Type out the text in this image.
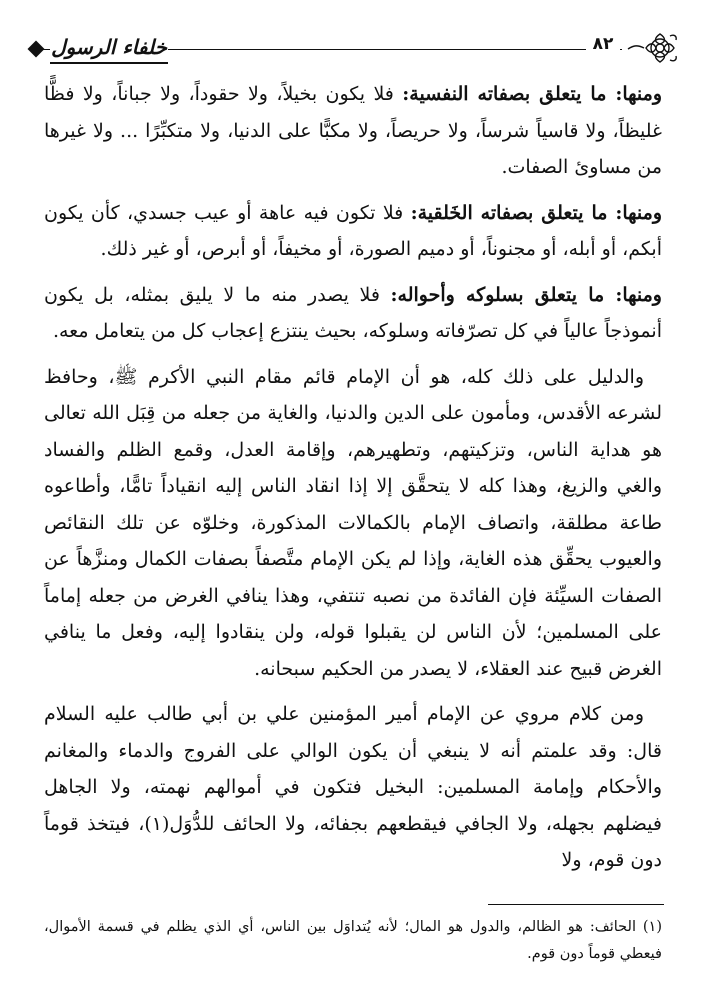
خلفاء الرسول	٨٢

ومنها: ما يتعلق بصفاته النفسية: فلا يكون بخيلاً، ولا حقوداً، ولا جباناً، ولا فظًّا غليظاً، ولا قاسياً شرساً، ولا حريصاً، ولا مكبًّا على الدنيا، ولا متكبِّرًا ... ولا غيرها من مساوئ الصفات.

ومنها: ما يتعلق بصفاته الخَلقية: فلا تكون فيه عاهة أو عيب جسدي، كأن يكون أبكم، أو أبله، أو مجنوناً، أو دميم الصورة، أو مخيفاً، أو أبرص، أو غير ذلك.

ومنها: ما يتعلق بسلوكه وأحواله: فلا يصدر منه ما لا يليق بمثله، بل يكون أنموذجاً عالياً في كل تصرّفاته وسلوكه، بحيث ينتزع إعجاب كل من يتعامل معه.

والدليل على ذلك كله، هو أن الإمام قائم مقام النبي الأكرم ﷺ، وحافظ لشرعه الأقدس، ومأمون على الدين والدنيا، والغاية من جعله من قِبَل الله تعالى هو هداية الناس، وتزكيتهم، وتطهيرهم، وإقامة العدل، وقمع الظلم والفساد والغي والزيغ، وهذا كله لا يتحقَّق إلا إذا انقاد الناس إليه انقياداً تامًّا، وأطاعوه طاعة مطلقة، واتصاف الإمام بالكمالات المذكورة، وخلوّه عن تلك النقائص والعيوب يحقِّق هذه الغاية، وإذا لم يكن الإمام متَّصفاً بصفات الكمال ومنزَّهاً عن الصفات السيِّئة فإن الفائدة من نصبه تنتفي، وهذا ينافي الغرض من جعله إماماً على المسلمين؛ لأن الناس لن يقبلوا قوله، ولن ينقادوا إليه، وفعل ما ينافي الغرض قبيح عند العقلاء، لا يصدر من الحكيم سبحانه.

ومن كلام مروي عن الإمام أمير المؤمنين علي بن أبي طالب عليه السلام قال: وقد علمتم أنه لا ينبغي أن يكون الوالي على الفروج والدماء والمغانم والأحكام وإمامة المسلمين: البخيل فتكون في أموالهم نهمته، ولا الجاهل فيضلهم بجهله، ولا الجافي فيقطعهم بجفائه، ولا الحائف للدُّوَل(١)، فيتخذ قوماً دون قوم، ولا

(١) الحائف: هو الظالم، والدول هو المال؛ لأنه يُتداوَل بين الناس، أي الذي يظلم في قسمة الأموال، فيعطي قوماً دون قوم.
